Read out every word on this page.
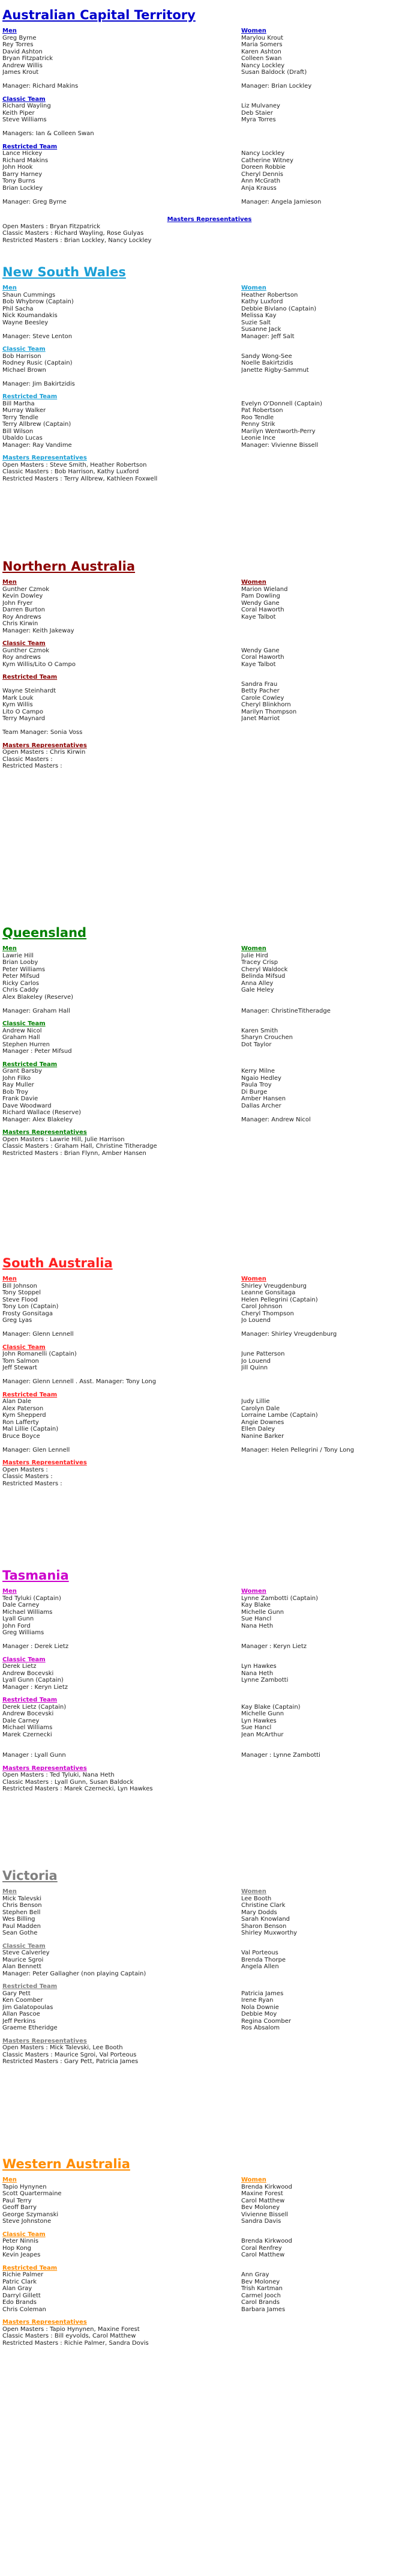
Australian Capital Territory
Men
Greg Byrne
Rey Torres
David Ashton
Bryan Fitzpatrick
Andrew Willis
James Krout
Manager: Richard Makins
Women
Marylou Krout
Maria Somers
Karen Ashton
Colleen Swan
Nancy Lockley
Susan Baldock (Draft)
Manager: Brian Lockley
Classic Team
Richard Wayling
Keith Piper
Steve Williams
Managers: Ian & Colleen Swan
Liz Mulvaney
Deb Staier
Myra Torres
Restricted Team
Lance Hickey
Richard Makins
John Hook
Barry Harney
Tony Burns
Brian Lockley
Manager: Greg Byrne
Nancy Lockley
Catherine Witney
Doreen Robbie
Cheryl Dennis
Ann McGrath
Anja Krauss
Manager: Angela Jamieson
Masters Representatives
Open Masters : Bryan Fitzpatrick
Classic Masters : Richard Wayling, Rose Gulyas
Restricted Masters : Brian Lockley, Nancy Lockley
New South Wales
Men
Shaun Cummings
Bob Whybrow (Captain)
Phil Sacha
Nick Koumandakis
Wayne Beesley
Manager: Steve Lenton
Women
Heather Robertson
Kathy Luxford
Debbie Bivlano (Captain)
Melissa Kay
Suzie Salt
Susanne Jack
Manager: Jeff Salt
Classic Team
Bob Harrison
Rodney Rusic (Captain)
Michael Brown
Manager: Jim Bakirtzidis
Sandy Wong-See
Noelle Bakirtzidis
Janette Rigby-Sammut
Restricted Team
Bill Martha
Murray Walker
Terry Tendle
Terry Allbrew (Captain)
Bill Wilson
Ubaldo Lucas
Manager: Ray Vandime
Evelyn O'Donnell (Captain)
Pat Robertson
Roo Tendle
Penny Strik
Marilyn Wentworth-Perry
Leonie Ince
Manager: Vivienne Bissell
Masters Representatives
Open Masters : Steve Smith, Heather Robertson
Classic Masters : Bob Harrison, Kathy Luxford
Restricted Masters : Terry Allbrew, Kathleen Foxwell
Northern Australia
Men
Gunther Czmok
Kevin Dowley
John Fryer
Darren Burton
Roy Andrews
Chris Kirwin
Manager: Keith Jakeway
Women
Marion Wieland
Pam Dowling
Wendy Gane
Coral Haworth
Kaye Talbot
Classic Team
Gunther Czmok
Roy andrews
Kym Willis/Lito O Campo
Wendy Gane
Coral Haworth
Kaye Talbot
Restricted Team
Wayne Steinhardt
Mark Louk
Kym Willis
Lito O Campo
Terry Maynard
Team Manager: Sonia Voss
Sandra Frau
Betty Pacher
Carole Cowley
Cheryl Blinkhorn
Marilyn Thompson
Janet Marriot
Masters Representatives
Open Masters : Chris Kirwin
Classic Masters :
Restricted Masters :
Queensland
Men
Lawrie Hill
Brian Looby
Peter Williams
Peter Mifsud
Ricky Carlos
Chris Caddy
Alex Blakeley (Reserve)
Manager: Graham Hall
Women
Julie Hird
Tracey Crisp
Cheryl Waldock
Belinda Mifsud
Anna Alley
Gale Heley
Manager: ChristineTitheradge
Classic Team
Andrew Nicol
Graham Hall
Stephen Hurren
Manager : Peter Mifsud
Karen Smith
Sharyn Crouchen
Dot Taylor
Restricted Team
Grant Barsby
John Filko
Ray Muller
Bob Troy
Frank Davie
Dave Woodward
Richard Wallace (Reserve)
Manager: Alex Blakeley
Kerry Milne
Ngaio Hedley
Paula Troy
Di Burge
Amber Hansen
Dallas Archer
Manager: Andrew Nicol
Masters Representatives
Open Masters : Lawrie Hill, Julie Harrison
Classic Masters : Graham Hall, Christine Titheradge
Restricted Masters : Brian Flynn, Amber Hansen
South Australia
Men
Bill Johnson
Tony Stoppel
Steve Flood
Tony Lon (Captain)
Frosty Gonsitaga
Greg Lyas
Manager: Glenn Lennell
Women
Shirley Vreugdenburg
Leanne Gonsitaga
Helen Pellegrini (Captain)
Carol Johnson
Cheryl Thompson
Jo Louend
Manager: Shirley Vreugdenburg
Classic Team
John Romanelli (Captain)
Tom Salmon
Jeff Stewart
Manager: Glenn Lennell . Asst. Manager: Tony Long
June Patterson
Jo Louend
Jill Quinn
Restricted Team
Alan Dale
Alex Paterson
Kym Shepperd
Ron Lafferty
Mal Lillie (Captain)
Bruce Boyce
Manager: Glen Lennell
Judy Lillie
Carolyn Dale
Lorraine Lambe (Captain)
Angie Downes
Ellen Daley
Nanine Barker
Manager: Helen Pellegrini / Tony Long
Masters Representatives
Open Masters :
Classic Masters :
Restricted Masters :
Tasmania
Men
Ted Tyluki (Captain)
Dale Carney
Michael Williams
Lyall Gunn
John Ford
Greg Williams
Manager : Derek Lietz
Women
Lynne Zambotti (Captain)
Kay Blake
Michelle Gunn
Sue Hancl
Nana Heth
Manager : Keryn Lietz
Classic Team
Derek Lietz
Andrew Bocevski
Lyall Gunn (Captain)
Manager : Keryn Lietz
Lyn Hawkes
Nana Heth
Lynne Zambotti
Restricted Team
Derek Lietz (Captain)
Andrew Bocevski
Dale Carney
Michael Williams
Marek Czernecki
Manager : Lyall Gunn
Kay Blake (Captain)
Michelle Gunn
Lyn Hawkes
Sue Hancl
Jean McArthur
Manager : Lynne Zambotti
Masters Representatives
Open Masters : Ted Tyluki, Nana Heth
Classic Masters : Lyall Gunn, Susan Baldock
Restricted Masters : Marek Czernecki, Lyn Hawkes
Victoria
Men
Mick Talevski
Chris Benson
Stephen Bell
Wes Billing
Paul Madden
Sean Gothe
Women
Lee Booth
Christine Clark
Mary Dodds
Sarah Knowland
Sharon Benson
Shirley Muxworthy
Classic Team
Steve Calverley
Maurice Sgroi
Alan Bennett
Manager: Peter Gallagher (non playing Captain)
Val Porteous
Brenda Thorpe
Angela Allen
Restricted Team
Gary Pett
Ken Coomber
Jim Galatopoulas
Allan Pascoe
Jeff Perkins
Graeme Etheridge
Patricia James
Irene Ryan
Nola Downie
Debbie Moy
Regina Coomber
Ros Absalom
Masters Representatives
Open Masters : Mick Talevski, Lee Booth
Classic Masters : Maurice Sgroi, Val Porteous
Restricted Masters : Gary Pett, Patricia James
Western Australia
Men
Tapio Hynynen
Scott Quartermaine
Paul Terry
Geoff Barry
George Szymanski
Steve Johnstone
Women
Brenda Kirkwood
Maxine Forest
Carol Matthew
Bev Moloney
Vivienne Bissell
Sandra Davis
Classic Team
Peter Ninnis
Hop Kong
Kevin Jeapes
Brenda Kirkwood
Coral Renfrey
Carol Matthew
Restricted Team
Richie Palmer
Patric Clark
Alan Gray
Darryl Gillett
Edo Brands
Chris Coleman
Ann Gray
Bev Moloney
Trish Kartman
Carmel Jooch
Carol Brands
Barbara James
Masters Representatives
Open Masters : Tapio Hynynen, Maxine Forest
Classic Masters : Bill eyvolds, Carol Matthew
Restricted Masters : Richie Palmer, Sandra Dovis
